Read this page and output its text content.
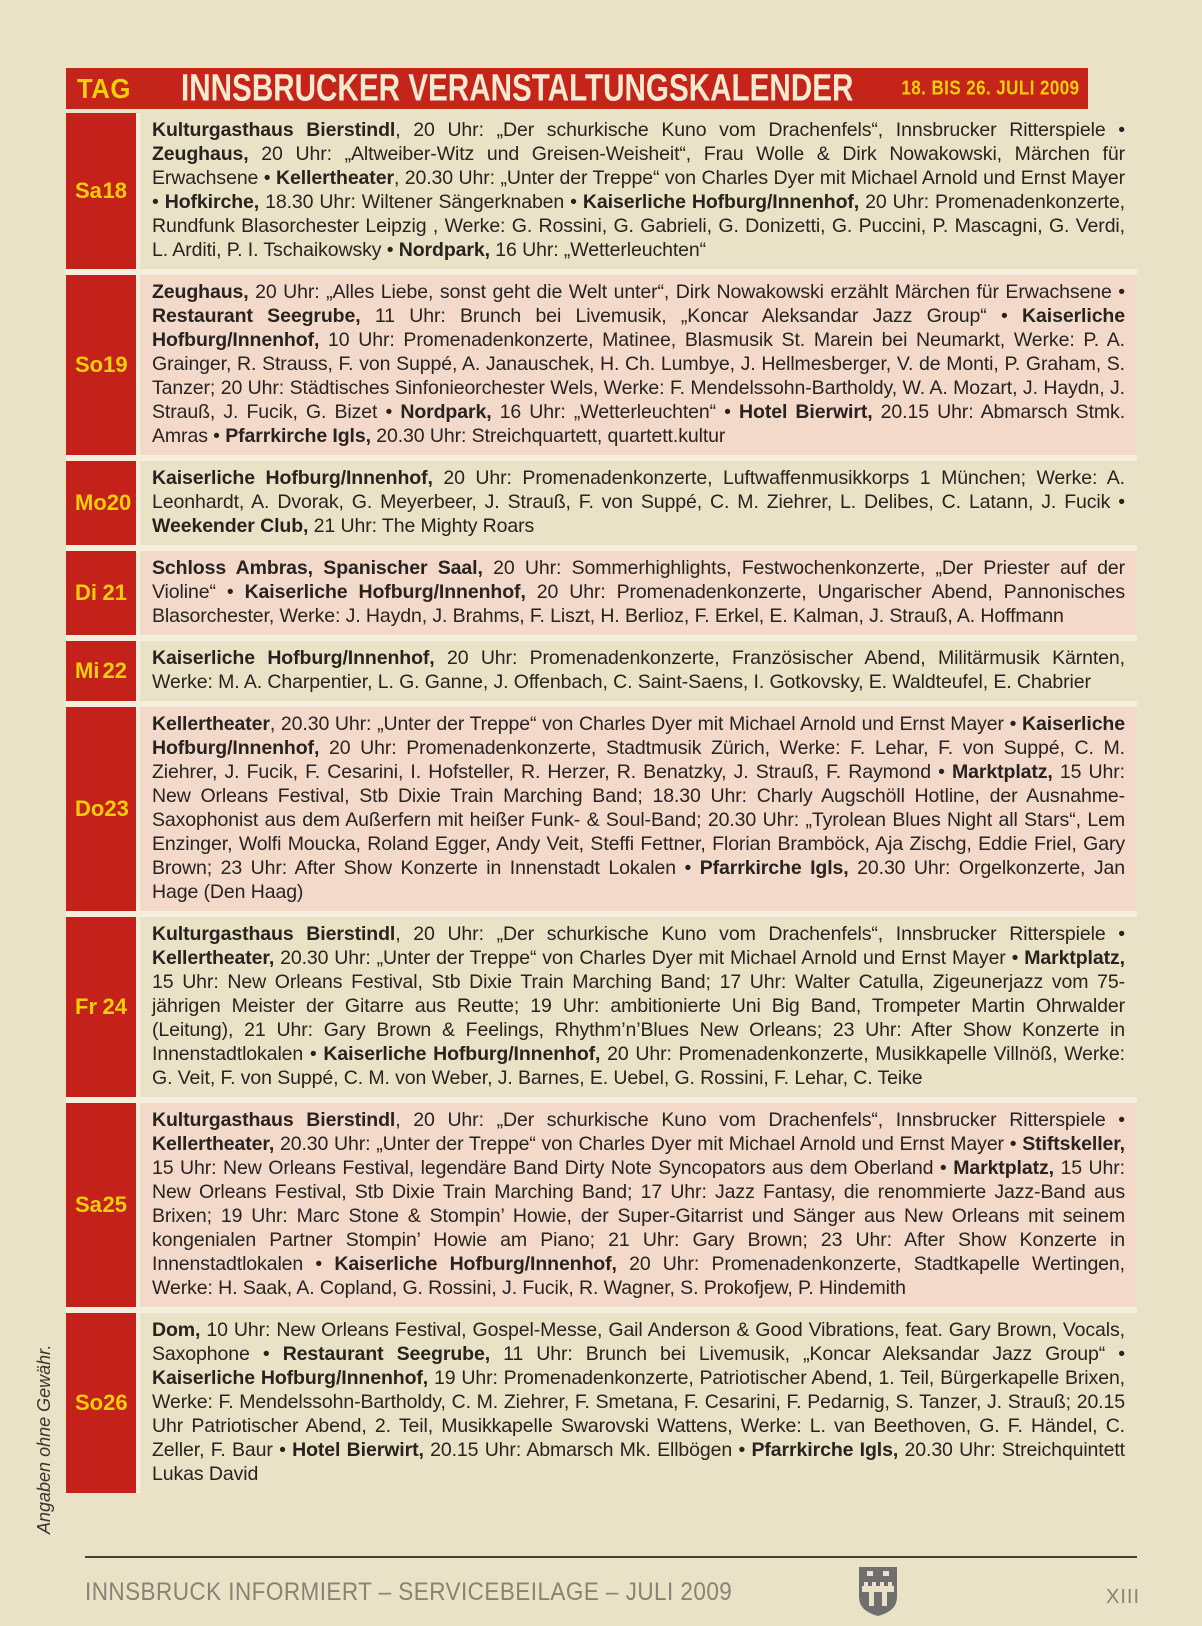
TAG INNSBRUCKER VERANSTALTUNGSKALENDER 18. BIS 26. JULI 2009
Sa 18

Kulturgasthaus Bierstindl, 20 Uhr: „Der schurkische Kuno vom Drachenfels“, Innsbrucker Ritterspiele • Zeughaus, 20 Uhr: „Altweiber-Witz und Greisen-Weisheit“, Frau Wolle & Dirk Nowakowski, Märchen für Erwachsene • Kellertheater, 20.30 Uhr: „Unter der Treppe“ von Charles Dyer mit Michael Arnold und Ernst Mayer • Hofkirche, 18.30 Uhr: Wiltener Sängerknaben • Kaiserliche Hofburg/Innenhof, 20 Uhr: Promenadenkonzerte, Rundfunk Blasorchester Leipzig , Werke: G. Rossini, G. Gabrieli, G. Donizetti, G. Puccini, P. Mascagni, G. Verdi, L. Arditi, P. I. Tschaikowsky • Nordpark, 16 Uhr: „Wetterleuchten“

So 19

Zeughaus, 20 Uhr: „Alles Liebe, sonst geht die Welt unter“, Dirk Nowakowski erzählt Märchen für Erwachsene • Restaurant Seegrube, 11 Uhr: Brunch bei Livemusik, „Koncar Aleksandar Jazz Group“ • Kaiserliche Hofburg/Innenhof, 10 Uhr: Promenadenkonzerte, Matinee, Blasmusik St. Marein bei Neumarkt, Werke: P. A. Grainger, R. Strauss, F. von Suppé, A. Janauschek, H. Ch. Lumbye, J. Hellmesberger, V. de Monti, P. Graham, S. Tanzer; 20 Uhr: Städtisches Sinfonieorchester Wels, Werke: F. Mendelssohn-Bartholdy, W. A. Mozart, J. Haydn, J. Strauß, J. Fucik, G. Bizet • Nordpark, 16 Uhr: „Wetterleuchten“ • Hotel Bierwirt, 20.15 Uhr: Abmarsch Stmk. Amras • Pfarrkirche Igls, 20.30 Uhr: Streichquartett, quartett.kultur

Mo 20

Kaiserliche Hofburg/Innenhof, 20 Uhr: Promenadenkonzerte, Luftwaffenmusikkorps 1 München; Werke: A. Leonhardt, A. Dvorak, G. Meyerbeer, J. Strauß, F. von Suppé, C. M. Ziehrer, L. Delibes, C. Latann, J. Fucik • Weekender Club, 21 Uhr: The Mighty Roars

Di 21

Schloss Ambras, Spanischer Saal, 20 Uhr: Sommerhighlights, Festwochenkonzerte, „Der Priester auf der Violine“ • Kaiserliche Hofburg/Innenhof, 20 Uhr: Promenadenkonzerte, Ungarischer Abend, Pannonisches Blasorchester, Werke: J. Haydn, J. Brahms, F. Liszt, H. Berlioz, F. Erkel, E. Kalman, J. Strauß, A. Hoffmann

Mi 22 Kaiserliche Hofburg/Innenhof, 20 Uhr: Promenadenkonzerte, Französischer Abend, Militärmusik Kärnten, Werke: M. A. Charpentier, L. G. Ganne, J. Offenbach, C. Saint-Saens, I. Gotkovsky, E. Waldteufel, E. Chabrier

Do 23

Kellertheater, 20.30 Uhr: „Unter der Treppe“ von Charles Dyer mit Michael Arnold und Ernst Mayer • Kaiserliche Hofburg/Innenhof, 20 Uhr: Promenadenkonzerte, Stadtmusik Zürich, Werke: F. Lehar, F. von Suppé, C. M. Ziehrer, J. Fucik, F. Cesarini, I. Hofsteller, R. Herzer, R. Benatzky, J. Strauß, F. Raymond • Marktplatz, 15 Uhr: New Orleans Festival, Stb Dixie Train Marching Band; 18.30 Uhr: Charly Augschöll Hotline, der Ausnahme-Saxophonist aus dem Außerfern mit heißer Funk- & Soul-Band; 20.30 Uhr: „Tyrolean Blues Night all Stars“, Lem Enzinger, Wolfi Moucka, Roland Egger, Andy Veit, Steffi Fettner, Florian Bramböck, Aja Zischg, Eddie Friel, Gary Brown; 23 Uhr: After Show Konzerte in Innenstadt Lokalen • Pfarrkirche Igls, 20.30 Uhr: Orgelkonzerte, Jan Hage (Den Haag)

Fr 24

Kulturgasthaus Bierstindl, 20 Uhr: „Der schurkische Kuno vom Drachenfels“, Innsbrucker Ritterspiele • Kellertheater, 20.30 Uhr: „Unter der Treppe“ von Charles Dyer mit Michael Arnold und Ernst Mayer • Marktplatz, 15 Uhr: New Orleans Festival, Stb Dixie Train Marching Band; 17 Uhr: Walter Catulla, Zigeunerjazz vom 75-jährigen Meister der Gitarre aus Reutte; 19 Uhr: ambitionierte Uni Big Band, Trompeter Martin Ohrwalder (Leitung), 21 Uhr: Gary Brown & Feelings, Rhythm’n’Blues New Orleans; 23 Uhr: After Show Konzerte in Innenstadtlokalen • Kaiserliche Hofburg/Innenhof, 20 Uhr: Promenadenkonzerte, Musikkapelle Villnöß, Werke: G. Veit, F. von Suppé, C. M. von Weber, J. Barnes, E. Uebel, G. Rossini, F. Lehar, C. Teike

Sa 25

Kulturgasthaus Bierstindl, 20 Uhr: „Der schurkische Kuno vom Drachenfels“, Innsbrucker Ritterspiele • Kellertheater, 20.30 Uhr: „Unter der Treppe“ von Charles Dyer mit Michael Arnold und Ernst Mayer • Stiftskeller, 15 Uhr: New Orleans Festival, legendäre Band Dirty Note Syncopators aus dem Oberland • Marktplatz, 15 Uhr: New Orleans Festival, Stb Dixie Train Marching Band; 17 Uhr: Jazz Fantasy, die renommierte Jazz-Band aus Brixen; 19 Uhr: Marc Stone & Stompin’ Howie, der Super-Gitarrist und Sänger aus New Orleans mit seinem kongenialen Partner Stompin’ Howie am Piano; 21 Uhr: Gary Brown; 23 Uhr: After Show Konzerte in Innenstadtlokalen • Kaiserliche Hofburg/Innenhof, 20 Uhr: Promenadenkonzerte, Stadtkapelle Wertingen, Werke: H. Saak, A. Copland, G. Rossini, J. Fucik, R. Wagner, S. Prokofjew, P. Hindemith

So 26

Dom, 10 Uhr: New Orleans Festival, Gospel-Messe, Gail Anderson & Good Vibrations, feat. Gary Brown, Vocals, Saxophone • Restaurant Seegrube, 11 Uhr: Brunch bei Livemusik, „Koncar Aleksandar Jazz Group“ • Kaiserliche Hofburg/Innenhof, 19 Uhr: Promenadenkonzerte, Patriotischer Abend, 1. Teil, Bürgerkapelle Brixen, Werke: F. Mendelssohn-Bartholdy, C. M. Ziehrer, F. Smetana, F. Cesarini, F. Pedarnig, S. Tanzer, J. Strauß; 20.15 Uhr Patriotischer Abend, 2. Teil, Musikkapelle Swarovski Wattens, Werke: L. van Beethoven, G. F. Händel, C. Zeller, F. Baur • Hotel Bierwirt, 20.15 Uhr: Abmarsch Mk. Ellbögen • Pfarrkirche Igls, 20.30 Uhr: Streichquintett Lukas David

Angaben ohne Gewähr.
INNSBRUCK INFORMIERT – SERVICEBEILAGE – JULI 2009	XIII
